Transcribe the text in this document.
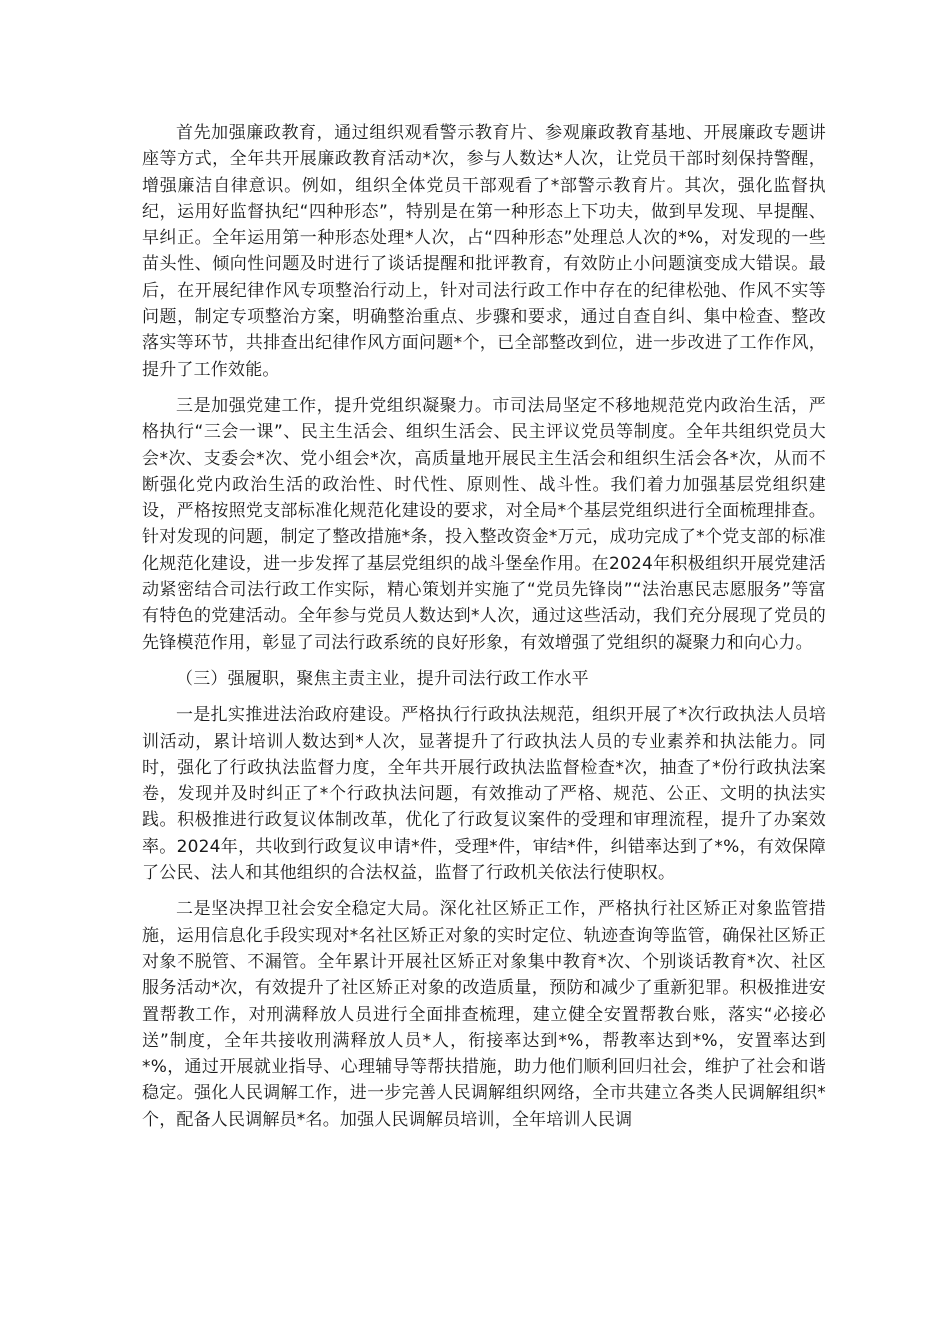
首先加强廉政教育，通过组织观看警示教育片、参观廉政教育基地、开展廉政专题讲座等方式，全年共开展廉政教育活动*次，参与人数达*人次，让党员干部时刻保持警醒，增强廉洁自律意识。例如，组织全体党员干部观看了*部警示教育片。其次，强化监督执纪，运用好监督执纪“四种形态”，特别是在第一种形态上下功夫，做到早发现、早提醒、早纠正。全年运用第一种形态处理*人次，占“四种形态”处理总人次的*%，对发现的一些苗头性、倾向性问题及时进行了谈话提醒和批评教育，有效防止小问题演变成大错误。最后，在开展纪律作风专项整治行动上，针对司法行政工作中存在的纪律松弛、作风不实等问题，制定专项整治方案，明确整治重点、步骤和要求，通过自查自纠、集中检查、整改落实等环节，共排查出纪律作风方面问题*个，已全部整改到位，进一步改进了工作作风，提升了工作效能。

三是加强党建工作，提升党组织凝聚力。市司法局坚定不移地规范党内政治生活，严格执行“三会一课”、民主生活会、组织生活会、民主评议党员等制度。全年共组织党员大会*次、支委会*次、党小组会*次，高质量地开展民主生活会和组织生活会各*次，从而不断强化党内政治生活的政治性、时代性、原则性、战斗性。我们着力加强基层党组织建设，严格按照党支部标准化规范化建设的要求，对全局*个基层党组织进行全面梳理排查。针对发现的问题，制定了整改措施*条，投入整改资金*万元，成功完成了*个党支部的标准化规范化建设，进一步发挥了基层党组织的战斗堡垒作用。在2024年积极组织开展党建活动紧密结合司法行政工作实际，精心策划并实施了“党员先锋岗”“法治惠民志愿服务”等富有特色的党建活动。全年参与党员人数达到*人次，通过这些活动，我们充分展现了党员的先锋模范作用，彰显了司法行政系统的良好形象，有效增强了党组织的凝聚力和向心力。

（三）强履职，聚焦主责主业，提升司法行政工作水平

一是扎实推进法治政府建设。严格执行行政执法规范，组织开展了*次行政执法人员培训活动，累计培训人数达到*人次，显著提升了行政执法人员的专业素养和执法能力。同时，强化了行政执法监督力度，全年共开展行政执法监督检查*次，抽查了*份行政执法案卷，发现并及时纠正了*个行政执法问题，有效推动了严格、规范、公正、文明的执法实践。积极推进行政复议体制改革，优化了行政复议案件的受理和审理流程，提升了办案效率。2024年，共收到行政复议申请*件，受理*件，审结*件，纠错率达到了*%，有效保障了公民、法人和其他组织的合法权益，监督了行政机关依法行使职权。

二是坚决捍卫社会安全稳定大局。深化社区矫正工作，严格执行社区矫正对象监管措施，运用信息化手段实现对*名社区矫正对象的实时定位、轨迹查询等监管，确保社区矫正对象不脱管、不漏管。全年累计开展社区矫正对象集中教育*次、个别谈话教育*次、社区服务活动*次，有效提升了社区矫正对象的改造质量，预防和减少了重新犯罪。积极推进安置帮教工作，对刑满释放人员进行全面排查梳理，建立健全安置帮教台账，落实“必接必送”制度，全年共接收刑满释放人员*人，衔接率达到*%，帮教率达到*%，安置率达到*%，通过开展就业指导、心理辅导等帮扶措施，助力他们顺利回归社会，维护了社会和谐稳定。强化人民调解工作，进一步完善人民调解组织网络，全市共建立各类人民调解组织*个，配备人民调解员*名。加强人民调解员培训，全年培训人民调
